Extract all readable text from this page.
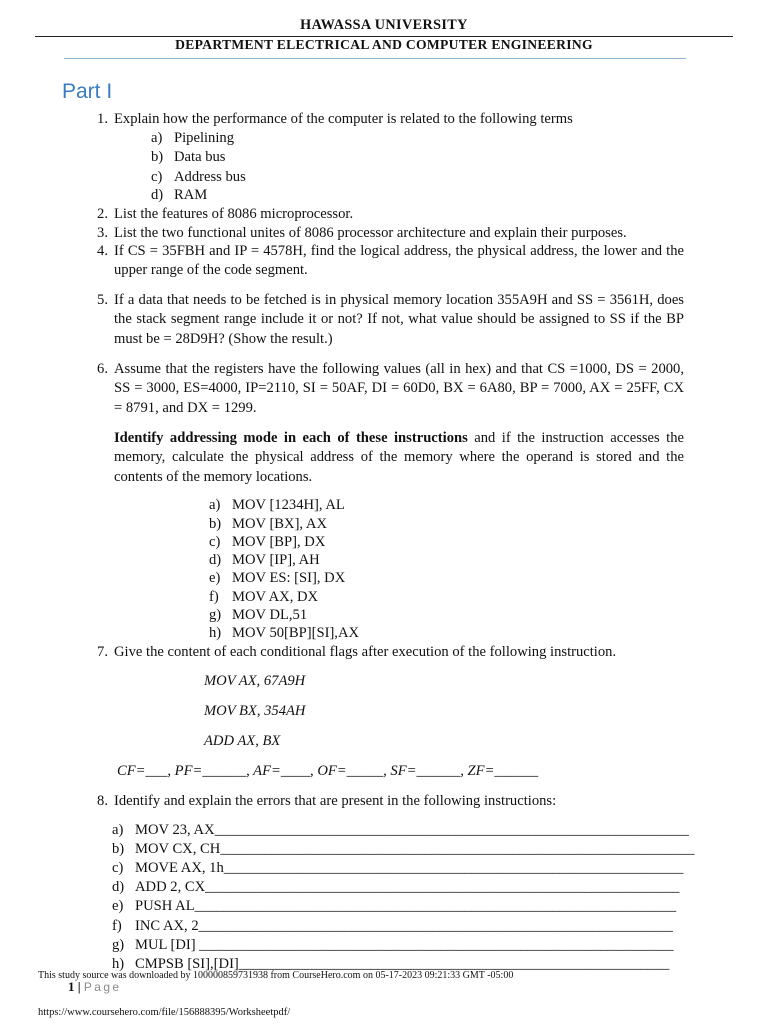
HAWASSA UNIVERSITY
DEPARTMENT ELECTRICAL AND COMPUTER ENGINEERING
Part I
1. Explain how the performance of the computer is related to the following terms
a) Pipelining
b) Data bus
c) Address bus
d) RAM
2. List the features of 8086 microprocessor.
3. List the two functional unites of 8086 processor architecture and explain their purposes.
4. If CS = 35FBH and IP = 4578H, find the logical address, the physical address, the lower and the upper range of the code segment.
5. If a data that needs to be fetched is in physical memory location 355A9H and SS = 3561H, does the stack segment range include it or not? If not, what value should be assigned to SS if the BP must be = 28D9H? (Show the result.)
6. Assume that the registers have the following values (all in hex) and that CS =1000, DS = 2000, SS = 3000, ES=4000, IP=2110, SI = 50AF, DI = 60D0, BX = 6A80, BP = 7000, AX = 25FF, CX = 8791, and DX = 1299.
Identify addressing mode in each of these instructions and if the instruction accesses the memory, calculate the physical address of the memory where the operand is stored and the contents of the memory locations.
a) MOV [1234H], AL
b) MOV [BX], AX
c) MOV [BP], DX
d) MOV [IP], AH
e) MOV ES: [SI], DX
f) MOV AX, DX
g) MOV DL,51
h) MOV 50[BP][SI],AX
7. Give the content of each conditional flags after execution of the following instruction.
MOV AX, 67A9H
MOV BX, 354AH
ADD AX, BX
CF=___, PF=______, AF=____, OF=_____, SF=______, ZF=______
8. Identify and explain the errors that are present in the following instructions:
a) MOV 23, AX_________________________________________________________________
b) MOV CX, CH_________________________________________________________________
c) MOVE AX, 1h_______________________________________________________________
d) ADD 2, CX_________________________________________________________________
e) PUSH AL__________________________________________________________________
f) INC AX, 2_________________________________________________________________
g) MUL [DI] _________________________________________________________________
h) CMPSB [SI],[DI]___________________________________________________________
This study source was downloaded by 100000859731938 from CourseHero.com on 05-17-2023 09:21:33 GMT -05:00
1 | Page
https://www.coursehero.com/file/156888395/Worksheetpdf/
